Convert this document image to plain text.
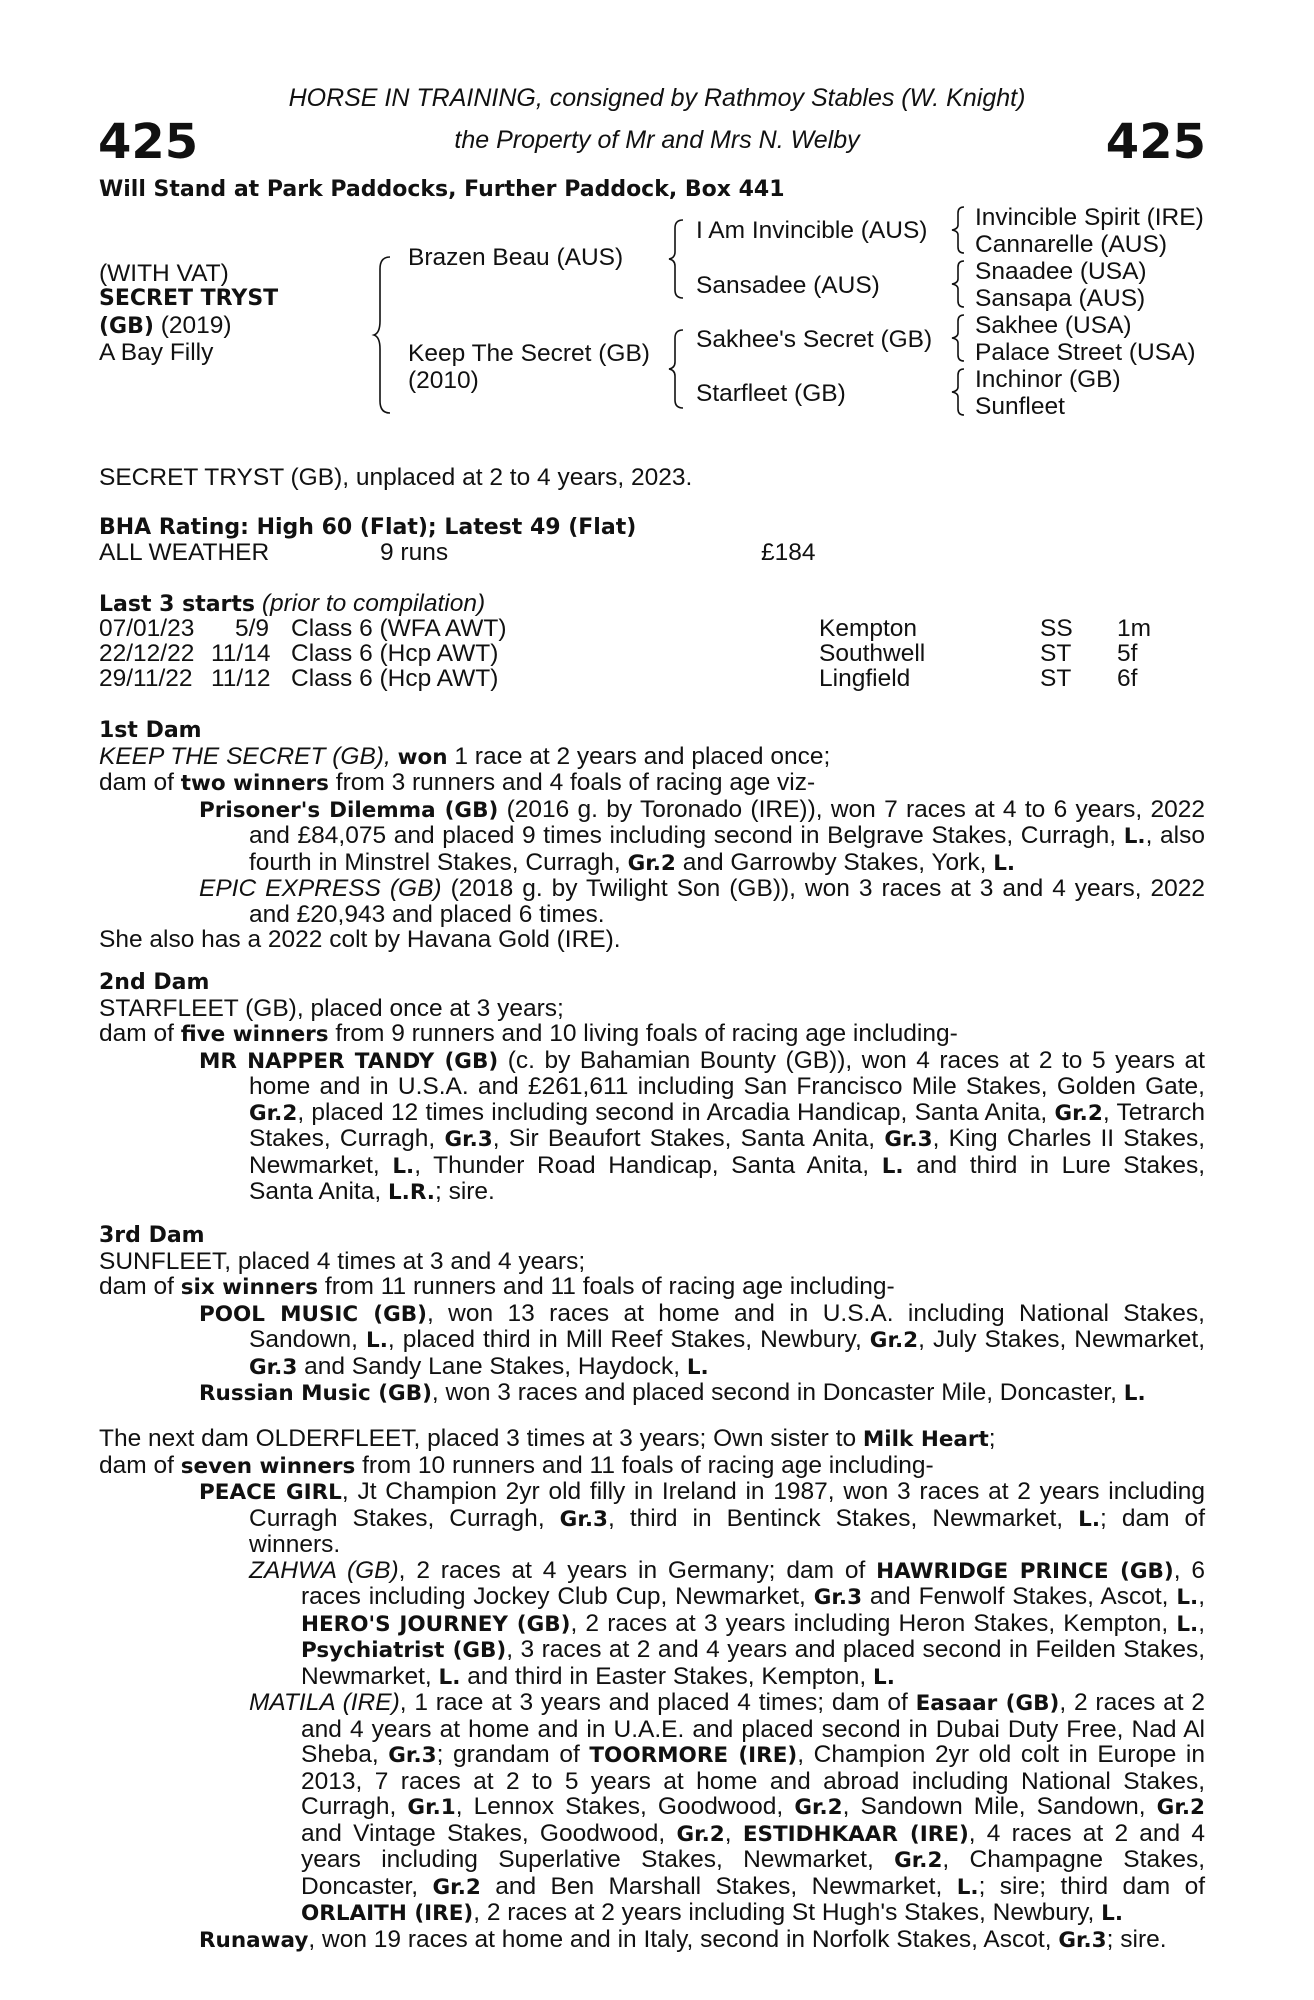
425	425
HORSE IN TRAINING, consigned by Rathmoy Stables (W. Knight)
the Property of Mr and Mrs N. Welby
Will Stand at Park Paddocks, Further Paddock, Box 441
(WITH VAT)
SECRET TRYST
(GB) (2019)
A Bay Filly
Brazen Beau (AUS)
Keep The Secret (GB)
(2010)
I Am Invincible (AUS)
Sansadee (AUS)
Sakhee's Secret (GB)
Starfleet (GB)
Invincible Spirit (IRE)
Cannarelle (AUS)
Snaadee (USA)
Sansapa (AUS)
Sakhee (USA)
Palace Street (USA)
Inchinor (GB)
Sunfleet
SECRET TRYST (GB), unplaced at 2 to 4 years, 2023.
BHA Rating: High 60 (Flat); Latest 49 (Flat)
ALL WEATHER	9 runs	£184
Last 3 starts (prior to compilation)
07/01/23 5/9 Class 6 (WFA AWT)	Kempton	SS 1m
22/12/22 11/14 Class 6 (Hcp AWT)	Southwell	ST 5f
29/11/22 11/12 Class 6 (Hcp AWT)	Lingfield	ST 6f
1st Dam
KEEP THE SECRET (GB), won 1 race at 2 years and placed once;
dam of two winners from 3 runners and 4 foals of racing age viz-
Prisoner's Dilemma (GB) (2016 g. by Toronado (IRE)), won 7 races at 4 to 6 years, 2022 and £84,075 and placed 9 times including second in Belgrave Stakes, Curragh, L., also fourth in Minstrel Stakes, Curragh, Gr.2 and Garrowby Stakes, York, L.
EPIC EXPRESS (GB) (2018 g. by Twilight Son (GB)), won 3 races at 3 and 4 years, 2022 and £20,943 and placed 6 times.
She also has a 2022 colt by Havana Gold (IRE).
2nd Dam
STARFLEET (GB), placed once at 3 years;
dam of five winners from 9 runners and 10 living foals of racing age including-
MR NAPPER TANDY (GB) (c. by Bahamian Bounty (GB)), won 4 races at 2 to 5 years at home and in U.S.A. and £261,611 including San Francisco Mile Stakes, Golden Gate, Gr.2, placed 12 times including second in Arcadia Handicap, Santa Anita, Gr.2, Tetrarch Stakes, Curragh, Gr.3, Sir Beaufort Stakes, Santa Anita, Gr.3, King Charles II Stakes, Newmarket, L., Thunder Road Handicap, Santa Anita, L. and third in Lure Stakes, Santa Anita, L.R.; sire.
3rd Dam
SUNFLEET, placed 4 times at 3 and 4 years;
dam of six winners from 11 runners and 11 foals of racing age including-
POOL MUSIC (GB), won 13 races at home and in U.S.A. including National Stakes, Sandown, L., placed third in Mill Reef Stakes, Newbury, Gr.2, July Stakes, Newmarket, Gr.3 and Sandy Lane Stakes, Haydock, L.
Russian Music (GB), won 3 races and placed second in Doncaster Mile, Doncaster, L.
The next dam OLDERFLEET, placed 3 times at 3 years; Own sister to Milk Heart;
dam of seven winners from 10 runners and 11 foals of racing age including-
PEACE GIRL, Jt Champion 2yr old filly in Ireland in 1987, won 3 races at 2 years including Curragh Stakes, Curragh, Gr.3, third in Bentinck Stakes, Newmarket, L.; dam of winners.
ZAHWA (GB), 2 races at 4 years in Germany; dam of HAWRIDGE PRINCE (GB), 6 races including Jockey Club Cup, Newmarket, Gr.3 and Fenwolf Stakes, Ascot, L., HERO'S JOURNEY (GB), 2 races at 3 years including Heron Stakes, Kempton, L., Psychiatrist (GB), 3 races at 2 and 4 years and placed second in Feilden Stakes, Newmarket, L. and third in Easter Stakes, Kempton, L.
MATILA (IRE), 1 race at 3 years and placed 4 times; dam of Easaar (GB), 2 races at 2 and 4 years at home and in U.A.E. and placed second in Dubai Duty Free, Nad Al Sheba, Gr.3; grandam of TOORMORE (IRE), Champion 2yr old colt in Europe in 2013, 7 races at 2 to 5 years at home and abroad including National Stakes, Curragh, Gr.1, Lennox Stakes, Goodwood, Gr.2, Sandown Mile, Sandown, Gr.2 and Vintage Stakes, Goodwood, Gr.2, ESTIDHKAAR (IRE), 4 races at 2 and 4 years including Superlative Stakes, Newmarket, Gr.2, Champagne Stakes, Doncaster, Gr.2 and Ben Marshall Stakes, Newmarket, L.; sire; third dam of ORLAITH (IRE), 2 races at 2 years including St Hugh's Stakes, Newbury, L.
Runaway, won 19 races at home and in Italy, second in Norfolk Stakes, Ascot, Gr.3; sire.
